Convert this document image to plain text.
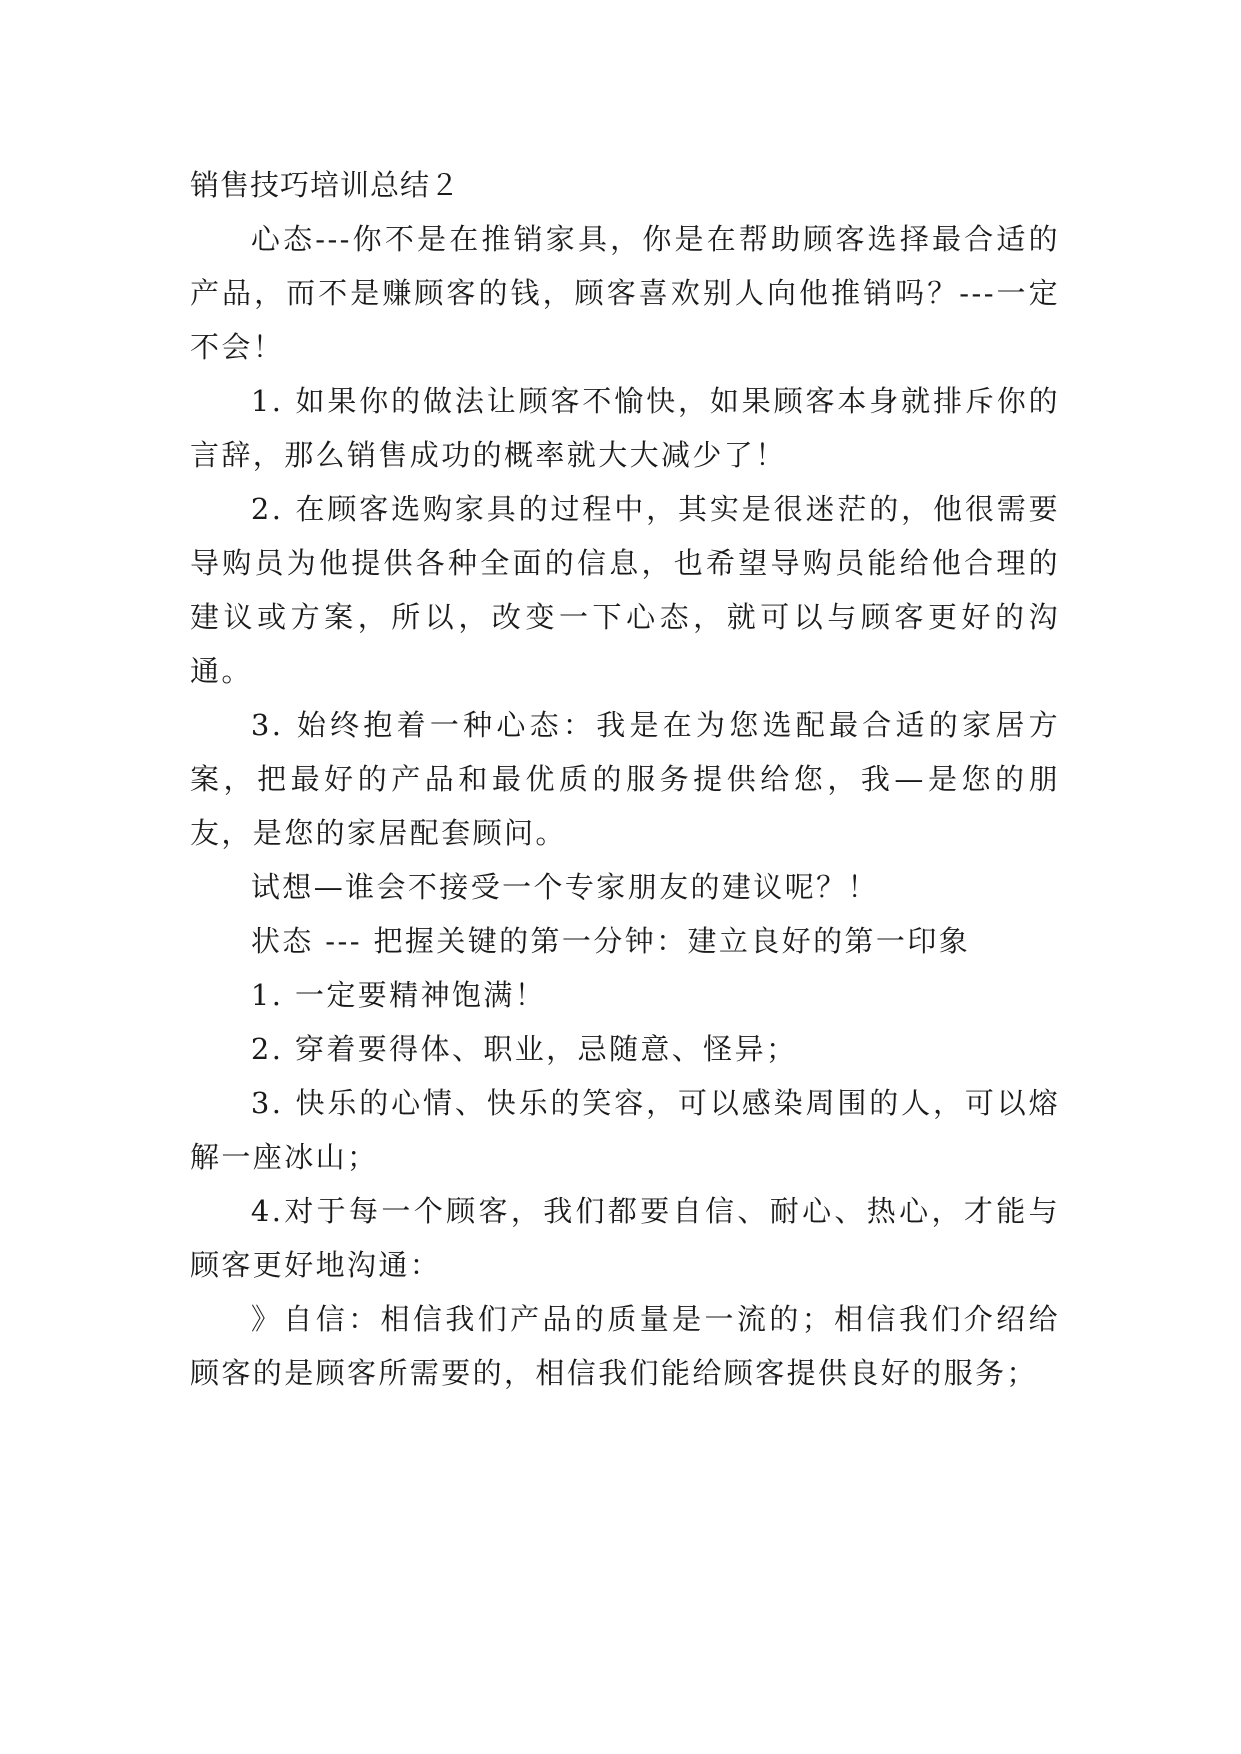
销售技巧培训总结２

心态---你不是在推销家具，你是在帮助顾客选择最合适的产品，而不是赚顾客的钱，顾客喜欢别人向他推销吗？---一定不会！

1. 如果你的做法让顾客不愉快，如果顾客本身就排斥你的言辞，那么销售成功的概率就大大减少了！

2. 在顾客选购家具的过程中，其实是很迷茫的，他很需要导购员为他提供各种全面的信息，也希望导购员能给他合理的建议或方案，所以，改变一下心态，就可以与顾客更好的沟通。

3. 始终抱着一种心态：我是在为您选配最合适的家居方案，把最好的产品和最优质的服务提供给您，我—是您的朋友，是您的家居配套顾问。

试想—谁会不接受一个专家朋友的建议呢？！

状态 --- 把握关键的第一分钟：建立良好的第一印象

1. 一定要精神饱满！

2. 穿着要得体、职业，忌随意、怪异；

3. 快乐的心情、快乐的笑容，可以感染周围的人，可以熔解一座冰山；

4.对于每一个顾客，我们都要自信、耐心、热心，才能与顾客更好地沟通：

》自信：相信我们产品的质量是一流的；相信我们介绍给顾客的是顾客所需要的，相信我们能给顾客提供良好的服务；
